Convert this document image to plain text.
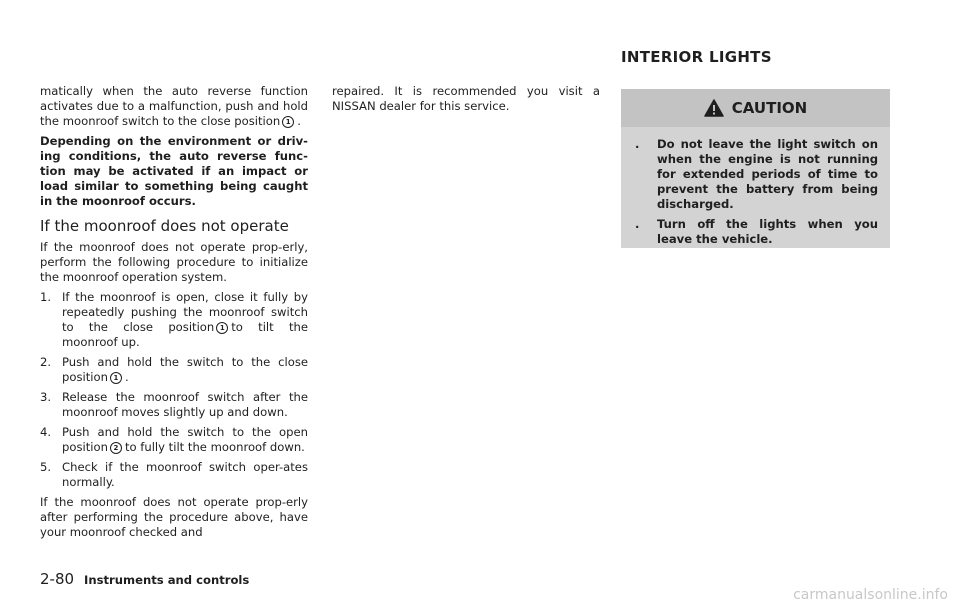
INTERIOR LIGHTS

matically when the auto reverse function activates due to a malfunction, push and hold the moonroof switch to the close position 1 .

Depending on the environment or driv-ing conditions, the auto reverse func-tion may be activated if an impact or load similar to something being caught in the moonroof occurs.

If the moonroof does not operate

If the moonroof does not operate prop-erly, perform the following procedure to initialize the moonroof operation system.

1. If the moonroof is open, close it fully by repeatedly pushing the moonroof switch to the close position 1 to tilt the moonroof up.
2. Push and hold the switch to the close position 1 .
3. Release the moonroof switch after the moonroof moves slightly up and down.
4. Push and hold the switch to the open position 2 to fully tilt the moonroof down.
5. Check if the moonroof switch oper-ates normally.

If the moonroof does not operate prop-erly after performing the procedure above, have your moonroof checked and

repaired. It is recommended you visit a NISSAN dealer for this service.	CAUTION
.	Do not leave the light switch on when the engine is not running for extended periods of time to prevent the battery from being discharged.
.	Turn off the lights when you leave the vehicle.
2-80 Instruments and controls
carmanualsonline.info
